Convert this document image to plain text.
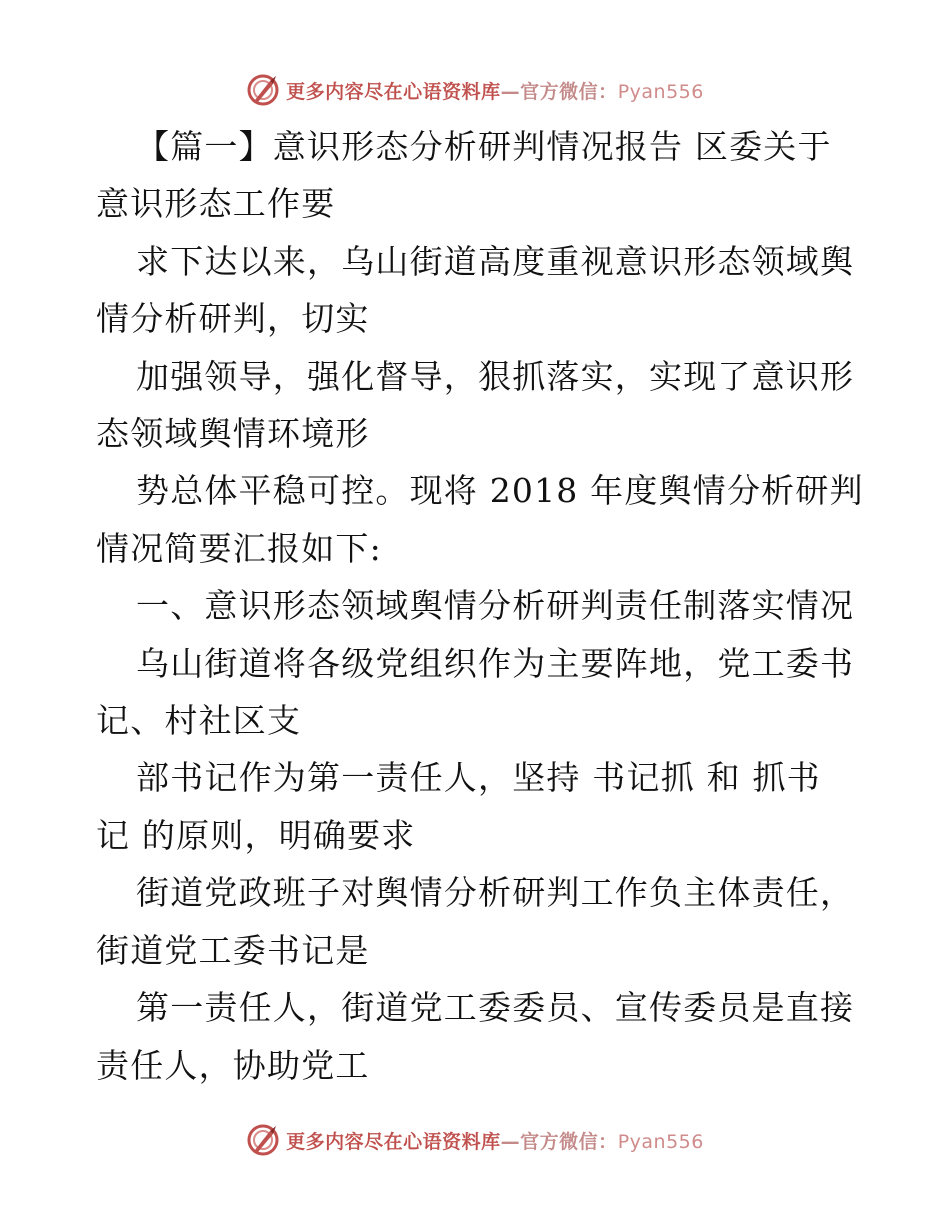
更多内容尽在心语资料库—官方微信：Pyan556

【篇一】意识形态分析研判情况报告 区委关于

意识形态工作要

求下达以来，乌山街道高度重视意识形态领域舆

情分析研判，切实

加强领导，强化督导，狠抓落实，实现了意识形

态领域舆情环境形

势总体平稳可控。现将 2018 年度舆情分析研判

情况简要汇报如下:

一、意识形态领域舆情分析研判责任制落实情况

乌山街道将各级党组织作为主要阵地，党工委书

记、村社区支

部书记作为第一责任人，坚持 书记抓 和 抓书

记 的原则，明确要求

街道党政班子对舆情分析研判工作负主体责任，

街道党工委书记是

第一责任人，街道党工委委员、宣传委员是直接

责任人，协助党工

更多内容尽在心语资料库—官方微信：Pyan556
